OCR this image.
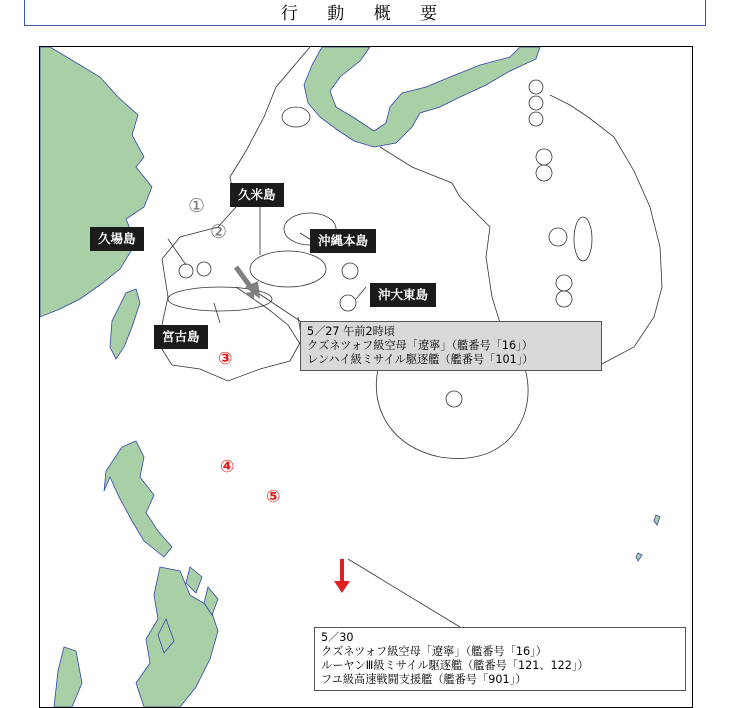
行 動 概 要
久米島
久場島	沖縄本島
沖大東島
宮古島
①
②
③
④
⑤
5／27 午前2時頃
クズネツォフ級空母「遼寧」（艦番号「16」）
レンハイ級ミサイル駆逐艦（艦番号「101」）
5／30
クズネツォフ級空母「遼寧」（艦番号「16」）
ルーヤンⅢ級ミサイル駆逐艦（艦番号「121、122」）
フユ級高速戦闘支援艦（艦番号「901」）
